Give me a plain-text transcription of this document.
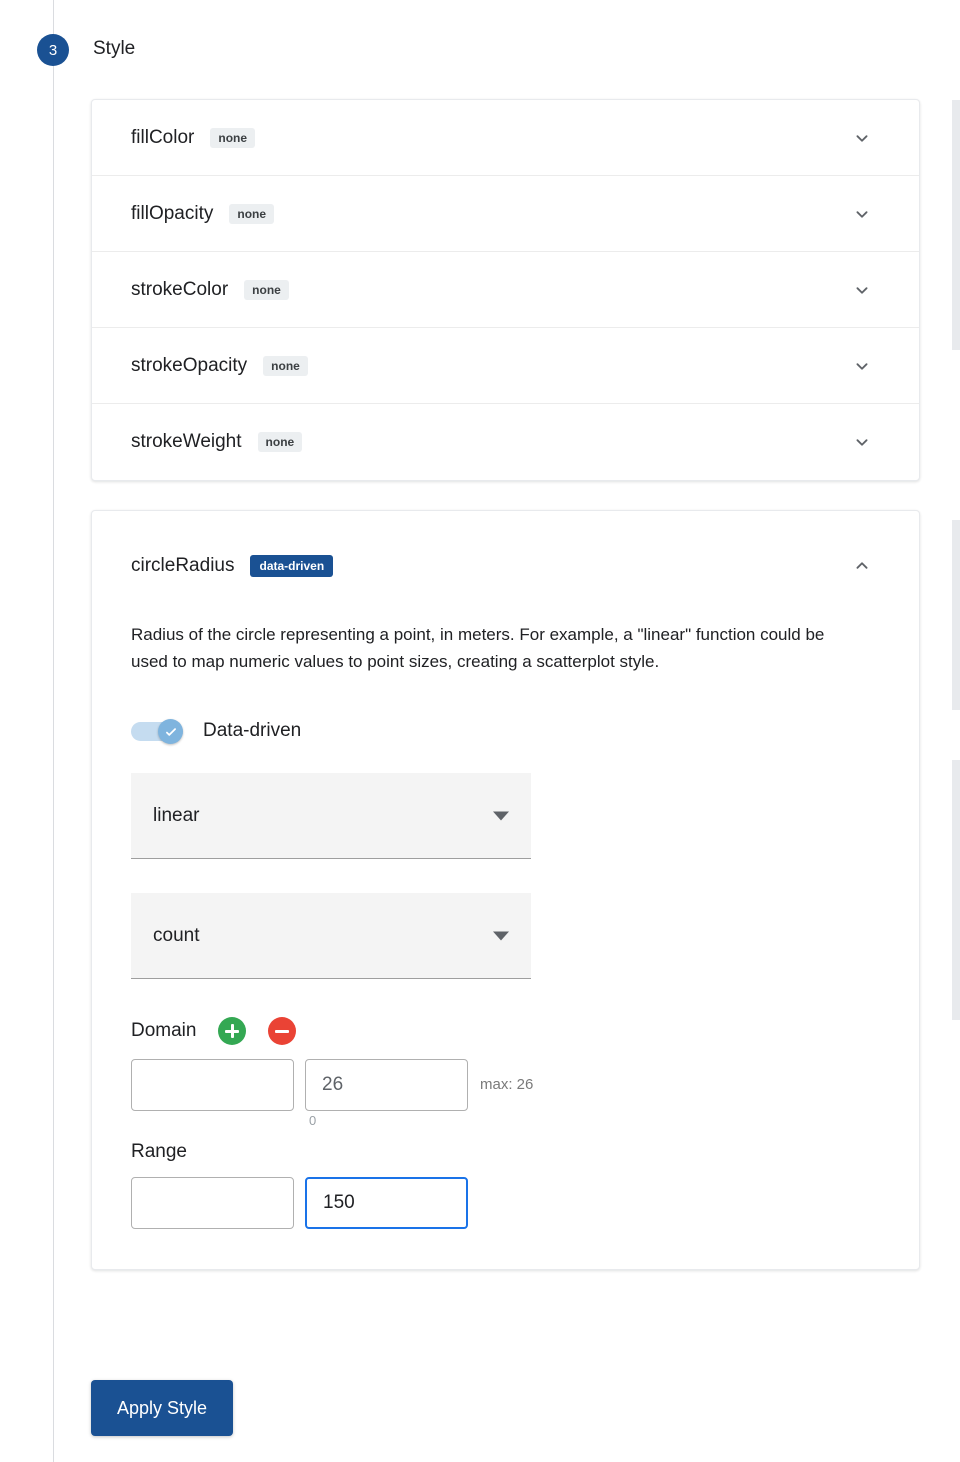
3	Style
fillColor	none
fillOpacity	none
strokeColor	none
strokeOpacity	none
strokeWeight	none
circleRadius	data-driven

Radius of the circle representing a point, in meters. For example, a "linear" function could be used to map numeric values to point sizes, creating a scatterplot style.

Data-driven
linear
count
Domain
26
0
max: 26
Range
150
Apply Style
